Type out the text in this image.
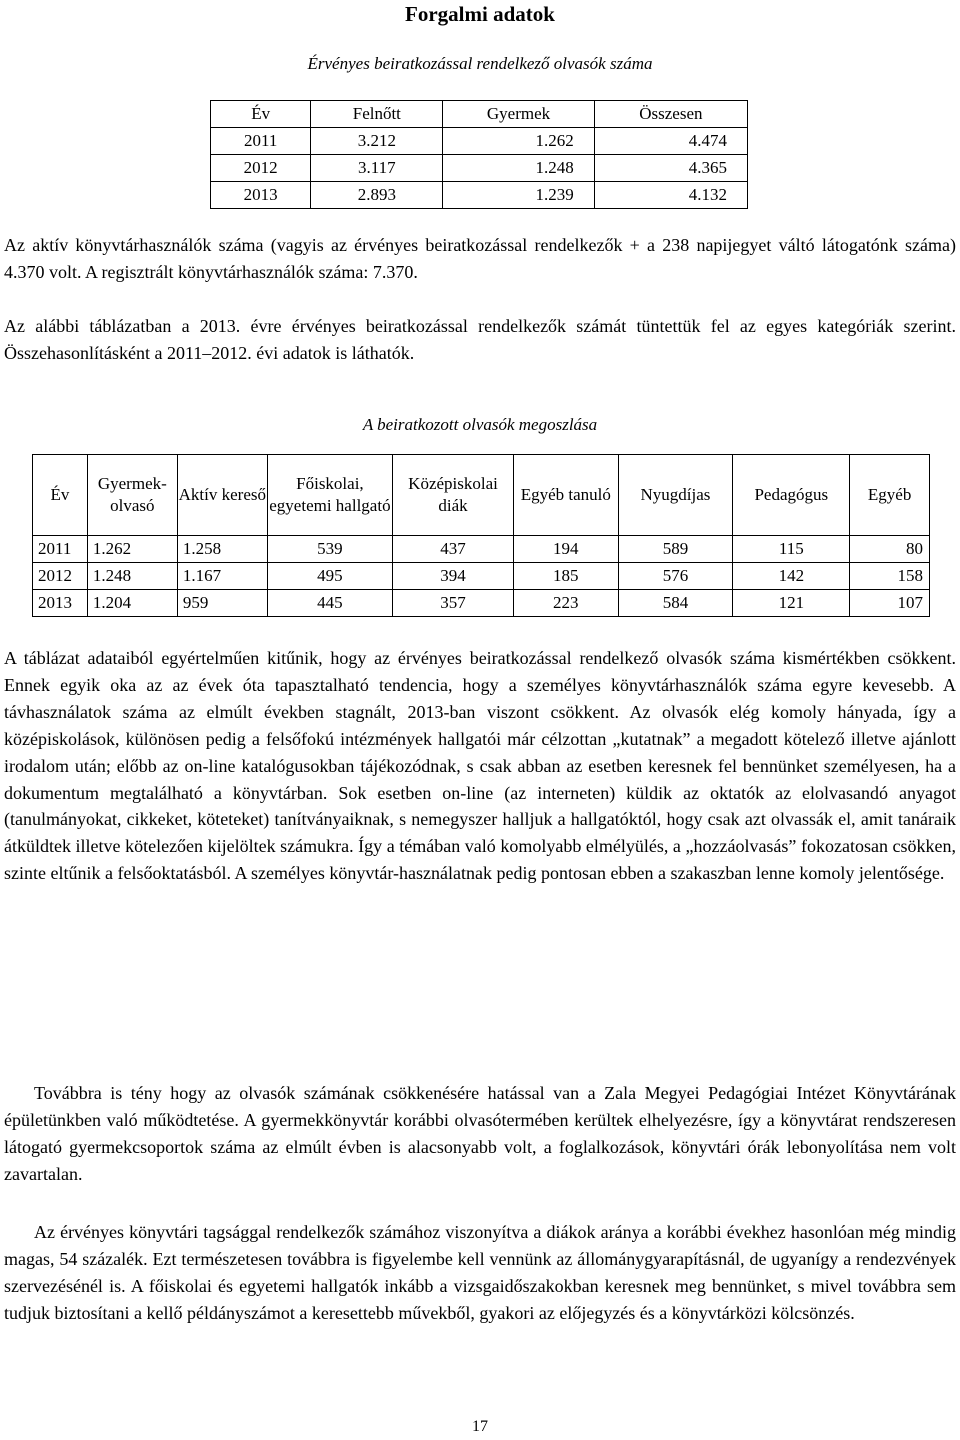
Forgalmi adatok
Érvényes beiratkozással rendelkező olvasók száma
Év	Felnőtt	Gyermek	Összesen
2011	3.212	1.262	4.474
2012	3.117	1.248	4.365
2013	2.893	1.239	4.132

Az aktív könyvtárhasználók száma (vagyis az érvényes beiratkozással rendelkezők + a 238 napijegyet váltó látogatónk száma) 4.370 volt. A regisztrált könyvtárhasználók száma: 7.370.

Az alábbi táblázatban a 2013. évre érvényes beiratkozással rendelkezők számát tüntettük fel az egyes kategóriák szerint. Összehasonlításként a 2011‒2012. évi adatok is láthatók.

A beiratkozott olvasók megoszlása
Év	Gyermek-olvasó	Aktív kereső	Főiskolai, egyetemi hallgató	Középiskolai diák	Egyéb tanuló	Nyugdíjas	Pedagógus	Egyéb
2011	1.262	1.258	539	437	194	589	115	80
2012	1.248	1.167	495	394	185	576	142	158
2013	1.204	959	445	357	223	584	121	107

A táblázat adataiból egyértelműen kitűnik, hogy az érvényes beiratkozással rendelkező olvasók száma kismértékben csökkent. Ennek egyik oka az az évek óta tapasztalható tendencia, hogy a személyes könyvtárhasználók száma egyre kevesebb. A távhasználatok száma az elmúlt években stagnált, 2013-ban viszont csökkent. Az olvasók elég komoly hányada, így a középiskolások, különösen pedig a felsőfokú intézmények hallgatói már célzottan „kutatnak” a megadott kötelező illetve ajánlott irodalom után; előbb az on-line katalógusokban tájékozódnak, s csak abban az esetben keresnek fel bennünket személyesen, ha a dokumentum megtalálható a könyvtárban. Sok esetben on-line (az interneten) küldik az oktatók az elolvasandó anyagot (tanulmányokat, cikkeket, köteteket) tanítványaiknak, s nemegyszer halljuk a hallgatóktól, hogy csak azt olvassák el, amit tanáraik átküldtek illetve kötelezően kijelöltek számukra. Így a témában való komolyabb elmélyülés, a „hozzáolvasás” fokozatosan csökken, szinte eltűnik a felsőoktatásból. A személyes könyvtár-használatnak pedig pontosan ebben a szakaszban lenne komoly jelentősége.

Továbbra is tény hogy az olvasók számának csökkenésére hatással van a Zala Megyei Pedagógiai Intézet Könyvtárának épületünkben való működtetése. A gyermekkönyvtár korábbi olvasótermében kerültek elhelyezésre, így a könyvtárat rendszeresen látogató gyermekcsoportok száma az elmúlt évben is alacsonyabb volt, a foglalkozások, könyvtári órák lebonyolítása nem volt zavartalan.

Az érvényes könyvtári tagsággal rendelkezők számához viszonyítva a diákok aránya a korábbi évekhez hasonlóan még mindig magas, 54 százalék. Ezt természetesen továbbra is figyelembe kell vennünk az állománygyarapításnál, de ugyanígy a rendezvények szervezésénél is. A főiskolai és egyetemi hallgatók inkább a vizsgaidőszakokban keresnek meg bennünket, s mivel továbbra sem tudjuk biztosítani a kellő példányszámot a keresettebb művekből, gyakori az előjegyzés és a könyvtárközi kölcsönzés.

17
